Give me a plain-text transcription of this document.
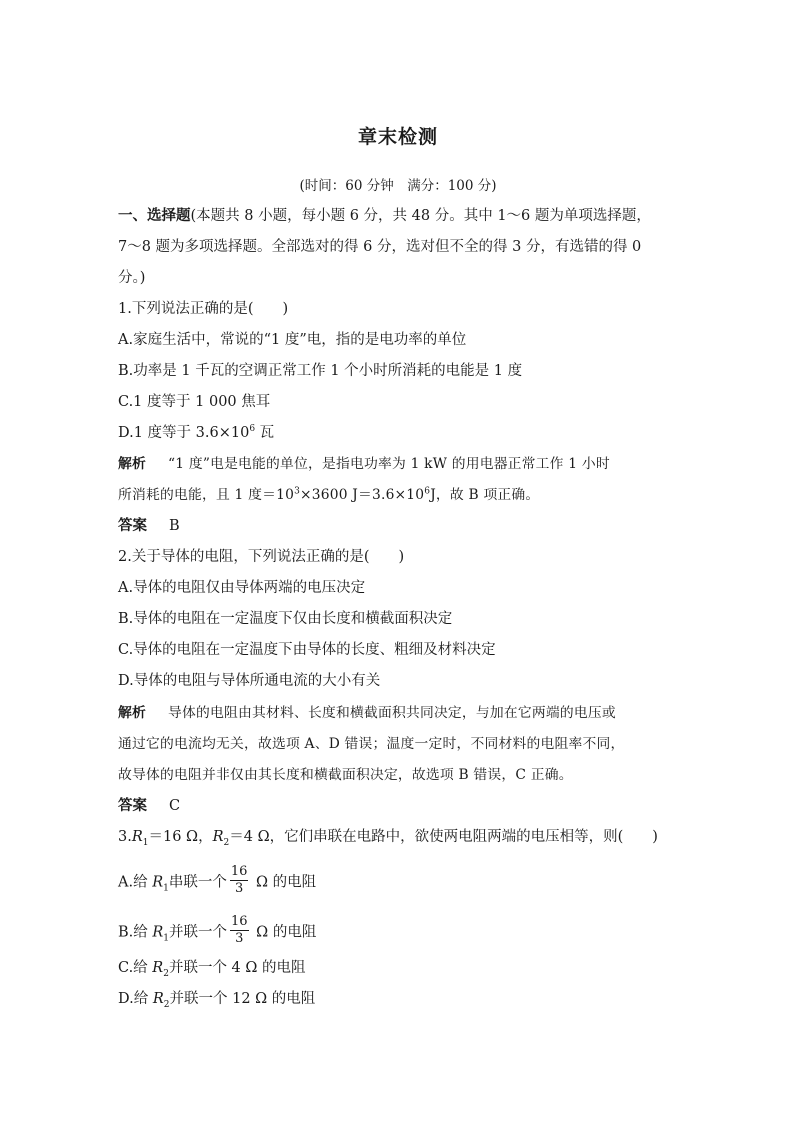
章末检测
(时间：60 分钟　满分：100 分)
一、选择题(本题共 8 小题，每小题 6 分，共 48 分。其中 1～6 题为单项选择题，
7～8 题为多项选择题。全部选对的得 6 分，选对但不全的得 3 分，有选错的得 0
分。)
1.下列说法正确的是(　　)
A.家庭生活中，常说的“1 度”电，指的是电功率的单位
B.功率是 1 千瓦的空调正常工作 1 个小时所消耗的电能是 1 度
C.1 度等于 1 000 焦耳
D.1 度等于 $3.6\times 10^6$ 瓦
解析 “1 度”电是电能的单位，是指电功率为 1 kW 的用电器正常工作 1 小时
所消耗的电能，且 1 度$=10^3\times 3600$ $J=3.6\times 10^6J$，故 B 项正确。
答案 B
2.关于导体的电阻，下列说法正确的是(　　)
A.导体的电阻仅由导体两端的电压决定
B.导体的电阻在一定温度下仅由长度和横截面积决定
C.导体的电阻在一定温度下由导体的长度、粗细及材料决定
D.导体的电阻与导体所通电流的大小有关
解析 导体的电阻由其材料、长度和横截面积共同决定，与加在它两端的电压或
通过它的电流均无关，故选项 A、D 错误；温度一定时，不同材料的电阻率不同，
故导体的电阻并非仅由其长度和横截面积决定，故选项 B 错误，C 正确。
答案 C
$3.R_1=16$ Ω，$R_2=4$ Ω，它们串联在电路中，欲使两电阻两端的电压相等，则(　　)
A.给 $R_1$串联一个 $\frac{16}{3}$ Ω 的电阻
B.给 $R_1$并联一个 $\frac{16}{3}$ Ω 的电阻
C.给 $R_2$并联一个 4 Ω 的电阻
D.给 $R_2$并联一个 12 Ω 的电阻
